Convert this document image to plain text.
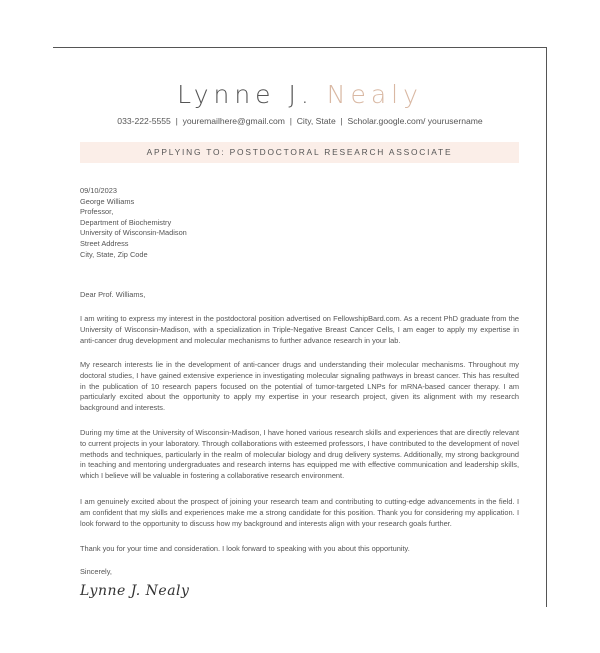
Lynne J. Nealy
033-222-5555  |  youremailhere@gmail.com  |  City, State  |  Scholar.google.com/ yourusername
APPLYING TO: POSTDOCTORAL RESEARCH ASSOCIATE
09/10/2023
George Williams
Professor,
Department of Biochemistry
University of Wisconsin-Madison
Street Address
City, State, Zip Code
Dear Prof. Williams,
I am writing to express my interest in the postdoctoral position advertised on FellowshipBard.com. As a recent PhD graduate from the University of Wisconsin-Madison, with a specialization in Triple-Negative Breast Cancer Cells, I am eager to apply my expertise in anti-cancer drug development and molecular mechanisms to further advance research in your lab.
My research interests lie in the development of anti-cancer drugs and understanding their molecular mechanisms. Throughout my doctoral studies, I have gained extensive experience in investigating molecular signaling pathways in breast cancer. This has resulted in the publication of 10 research papers focused on the potential of tumor-targeted LNPs for mRNA-based cancer therapy. I am particularly excited about the opportunity to apply my expertise in your research project, given its alignment with my research background and interests.
During my time at the University of Wisconsin-Madison, I have honed various research skills and experiences that are directly relevant to current projects in your laboratory. Through collaborations with esteemed professors, I have contributed to the development of novel methods and techniques, particularly in the realm of molecular biology and drug delivery systems. Additionally, my strong background in teaching and mentoring undergraduates and research interns has equipped me with effective communication and leadership skills, which I believe will be valuable in fostering a collaborative research environment.
I am genuinely excited about the prospect of joining your research team and contributing to cutting-edge advancements in the field. I am confident that my skills and experiences make me a strong candidate for this position. Thank you for considering my application. I look forward to the opportunity to discuss how my background and interests align with your research goals further.
Thank you for your time and consideration. I look forward to speaking with you about this opportunity.
Sincerely,
Lynne J. Nealy
